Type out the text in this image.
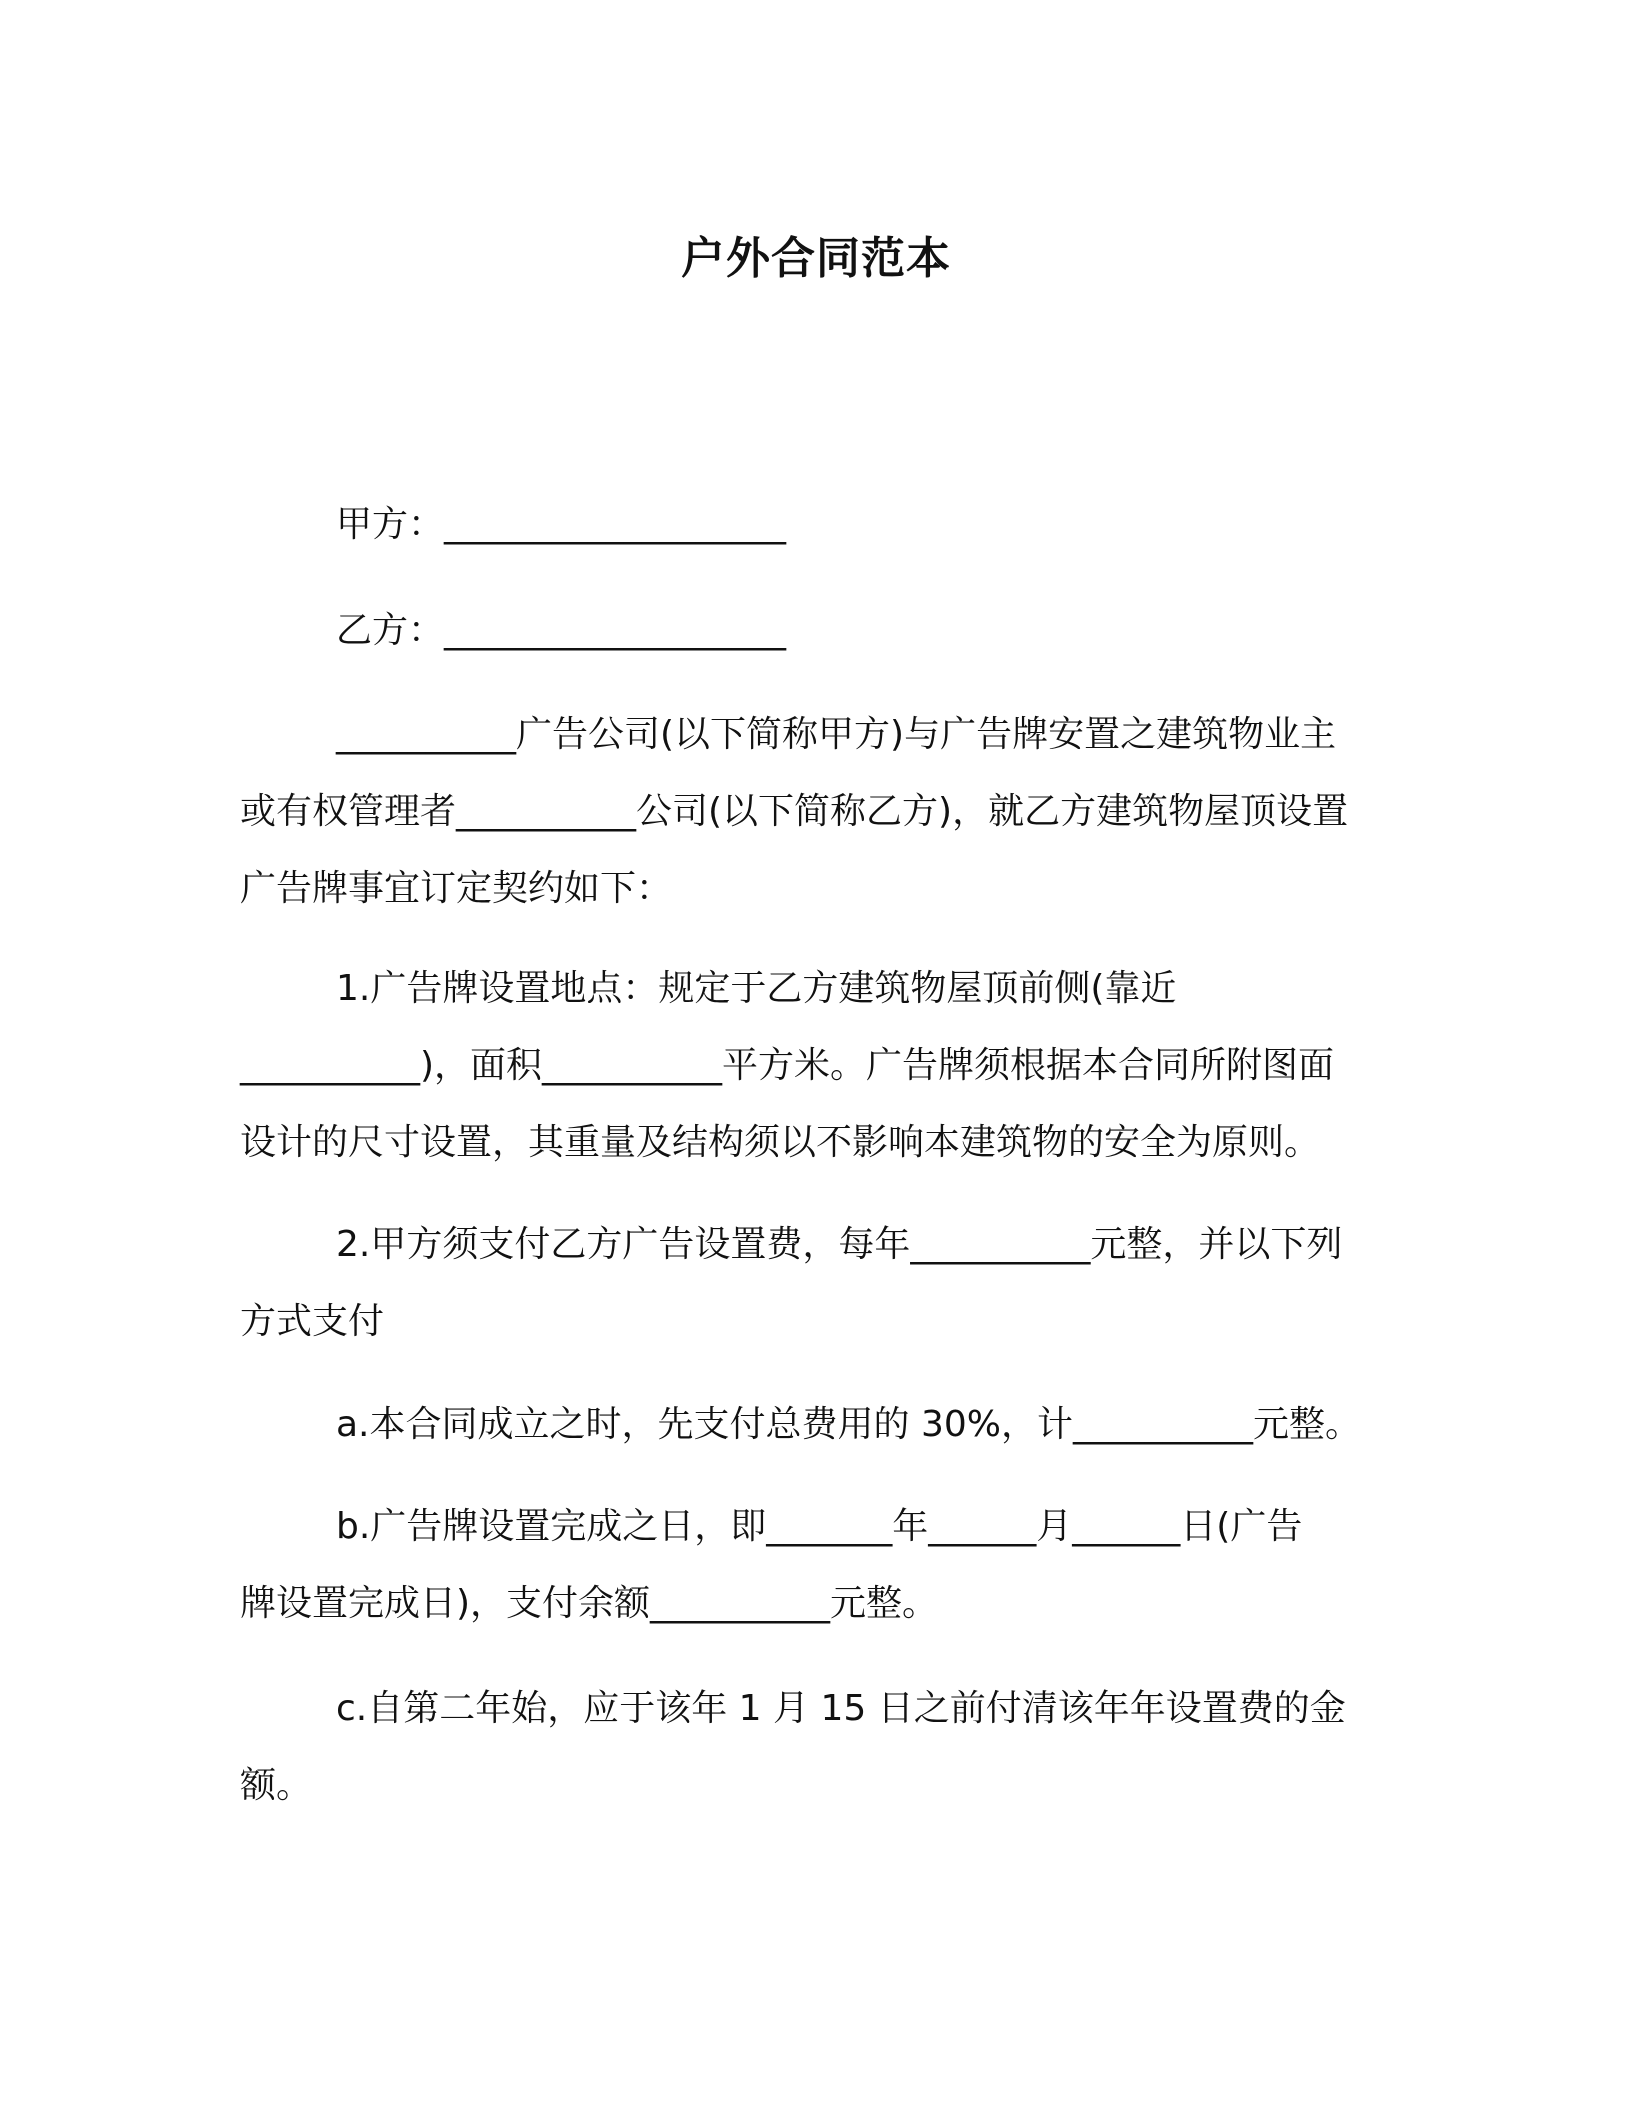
户外合同范本
甲方：___________________
乙方：___________________
__________广告公司(以下简称甲方)与广告牌安置之建筑物业主
或有权管理者__________公司(以下简称乙方)，就乙方建筑物屋顶设置
广告牌事宜订定契约如下：
1.广告牌设置地点：规定于乙方建筑物屋顶前侧(靠近
__________)，面积__________平方米。广告牌须根据本合同所附图面
设计的尺寸设置，其重量及结构须以不影响本建筑物的安全为原则。
2.甲方须支付乙方广告设置费，每年__________元整，并以下列
方式支付
a.本合同成立之时，先支付总费用的 30%，计__________元整。
b.广告牌设置完成之日，即_______年______月______日(广告
牌设置完成日)，支付余额__________元整。
c.自第二年始，应于该年 1 月 15 日之前付清该年年设置费的金
额。
